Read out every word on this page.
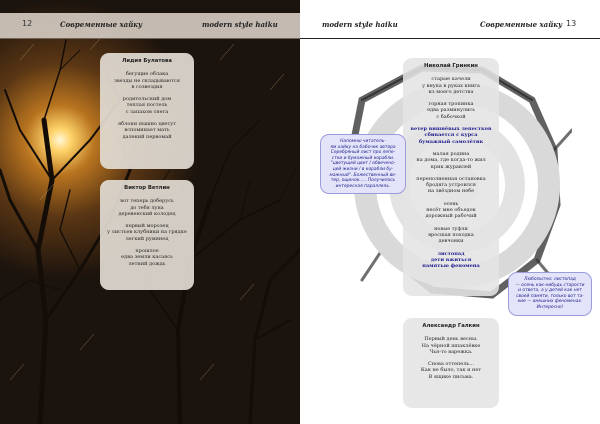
12	Современные хайку	modern style haiku
Лидия Булатова
бегущие облака
звезды не складываются
в созвездия
родительский дом
теплая постель
с запахом снега
яблони пышно цветут
вспоминает мать
далекий первомай
Виктор Ветлин
вот теперь доберусь
до тебя луна
деревенский колодец
первый морозец
у листьев клубники на грядке
легкий румянец
прошлое
едва земли касаясь
летний дождь
modern style haiku	Современные хайку 13
Николай Гринкин
старые качели
у внука в руках книга
из моего детства
горная тропинка
едва разминулись
с бабочкой
ветер вишнёвых лепестков
сбивается с курса
бумажный самолётик
малая родина
на дома, где когда-то жил
крик журавлей
переполненная остановка
бродяга устроился
на звёздном небе
осень
несёт мне объедок
дорожный рабочий
новые туфли
вросшая походка
девчонки
листопад
дети вжиться
памятью феномена
Напомню читатель-
ям хайку на бабочек автора
Серебряный лист про лепе-
стки и бумажный корабли.
"цветущей цвет / обвечено-
цей жизни / в корабли бу-
мажный". Божественный ве-
тер, ощенок..... Получилось
интересная параллель.
Любопытно: листопад
— осень как-нибудь старости
и ответа, а у детей как нет
своей памяти, только вот та-
кие — внешних феноменах.
Интересно!
Александр Галкин
Первый день весны.
На чёрной шпаклёвке
Чья-то варежка.
Снова оттепель…
Как не было, так и нет
В ящике письма.
